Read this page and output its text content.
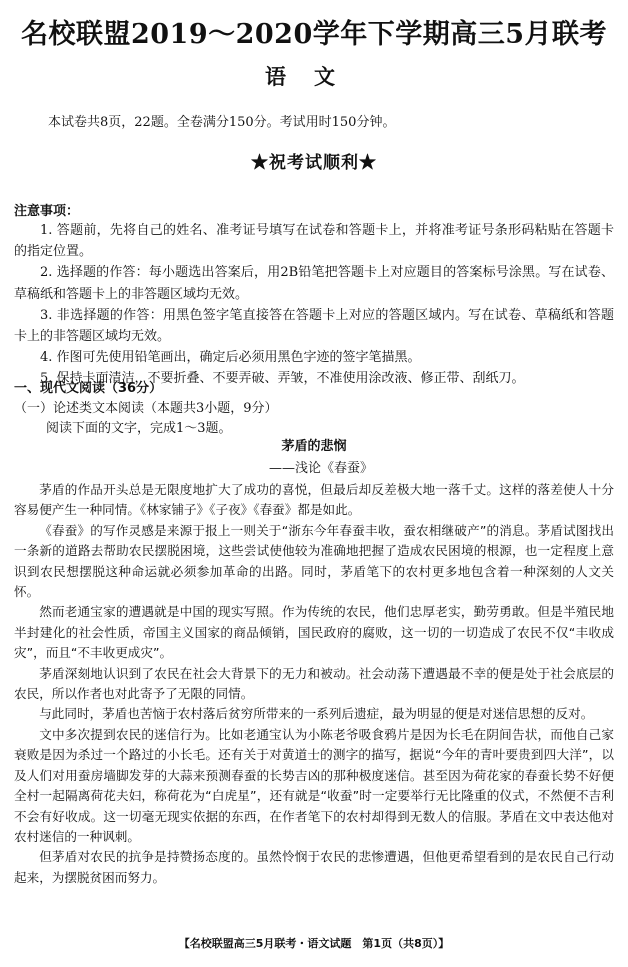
名校联盟2019～2020学年下学期高三5月联考
语文
本试卷共8页，22题。全卷满分150分。考试用时150分钟。
★祝考试顺利★
注意事项：

1. 答题前，先将自己的姓名、准考证号填写在试卷和答题卡上，并将准考证号条形码粘贴在答题卡的指定位置。

2. 选择题的作答：每小题选出答案后，用2B铅笔把答题卡上对应题目的答案标号涂黑。写在试卷、草稿纸和答题卡上的非答题区域均无效。

3. 非选择题的作答：用黑色签字笔直接答在答题卡上对应的答题区域内。写在试卷、草稿纸和答题卡上的非答题区域均无效。

4. 作图可先使用铅笔画出，确定后必须用黑色字迹的签字笔描黑。

5. 保持卡面清洁，不要折叠、不要弄破、弄皱，不准使用涂改液、修正带、刮纸刀。

一、现代文阅读（36分）
（一）论述类文本阅读（本题共3小题，9分）
阅读下面的文字，完成1～3题。
茅盾的悲悯
——浅论《春蚕》

茅盾的作品开头总是无限度地扩大了成功的喜悦，但最后却反差极大地一落千丈。这样的落差使人十分容易便产生一种同情。《林家铺子》《子夜》《春蚕》都是如此。

《春蚕》的写作灵感是来源于报上一则关于“浙东今年春蚕丰收，蚕农相继破产”的消息。茅盾试图找出一条新的道路去帮助农民摆脱困境，这些尝试使他较为准确地把握了造成农民困境的根源，也一定程度上意识到农民想摆脱这种命运就必须参加革命的出路。同时，茅盾笔下的农村更多地包含着一种深刻的人文关怀。

然而老通宝家的遭遇就是中国的现实写照。作为传统的农民，他们忠厚老实，勤劳勇敢。但是半殖民地半封建化的社会性质，帝国主义国家的商品倾销，国民政府的腐败，这一切的一切造成了农民不仅“丰收成灾”，而且“不丰收更成灾”。

茅盾深刻地认识到了农民在社会大背景下的无力和被动。社会动荡下遭遇最不幸的便是处于社会底层的农民，所以作者也对此寄予了无限的同情。

与此同时，茅盾也苦恼于农村落后贫穷所带来的一系列后遗症，最为明显的便是对迷信思想的反对。

文中多次提到农民的迷信行为。比如老通宝认为小陈老爷吸食鸦片是因为长毛在阴间告状，而他自己家衰败是因为杀过一个路过的小长毛。还有关于对黄道士的测字的描写，据说“今年的青叶要贵到四大洋”，以及人们对用蚕房墙脚发芽的大蒜来预测春蚕的长势吉凶的那种极度迷信。甚至因为荷花家的春蚕长势不好便全村一起隔离荷花夫妇，称荷花为“白虎星”，还有就是“收蚕”时一定要举行无比隆重的仪式，不然便不吉利不会有好收成。这一切毫无现实依据的东西，在作者笔下的农村却得到无数人的信服。茅盾在文中表达他对农村迷信的一种讽刺。

但茅盾对农民的抗争是持赞扬态度的。虽然怜悯于农民的悲惨遭遇，但他更希望看到的是农民自己行动起来，为摆脱贫困而努力。

【名校联盟高三5月联考・语文试题　第1页（共8页）】
